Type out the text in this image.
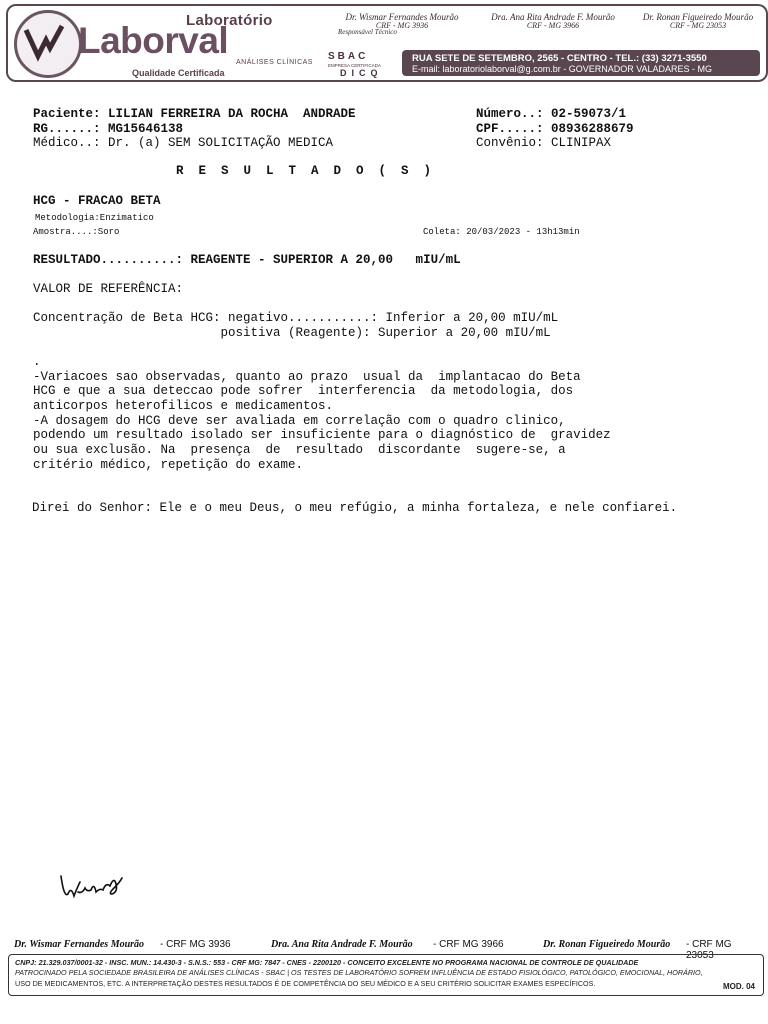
Laboratório
Laborval
ANÁLISES CLÍNICAS
Qualidade Certificada
Dr. Wismar Fernandes Mourão
CRF - MG 3936
Dra. Ana Rita Andrade F. Mourão
CRF - MG 3966
Dr. Ronan Figueiredo Mourão
CRF - MG 23053
Responsável Técnico
SBAC
EMPRESA CERTIFICADA
DICQ
RUA SETE DE SETEMBRO, 2565 - CENTRO - TEL.: (33) 3271-3550
E-mail: laboratoriolaborval@g.com.br - GOVERNADOR VALADARES - MG
Paciente: LILIAN FERREIRA DA ROCHA  ANDRADE
RG......: MG15646138
Médico..: Dr. (a) SEM SOLICITAÇÃO MEDICA
Número..: 02-59073/1
CPF.....: 08936288679
Convênio: CLINIPAX
R  E  S  U  L  T  A  D  O  (  S  )
HCG - FRACAO BETA
Metodologia:Enzimatico
Amostra....:Soro	Coleta: 20/03/2023 - 13h13min
RESULTADO..........: REAGENTE - SUPERIOR A 20,00   mIU/mL
VALOR DE REFERÊNCIA:
Concentração de Beta HCG: negativo...........: Inferior a 20,00 mIU/mL
positiva (Reagente): Superior a 20,00 mIU/mL
.
-Variacoes sao observadas, quanto ao prazo  usual da  implantacao do Beta
HCG e que a sua deteccao pode sofrer  interferencia  da metodologia, dos
anticorpos heterofilicos e medicamentos.
-A dosagem do HCG deve ser avaliada em correlação com o quadro clinico,
podendo um resultado isolado ser insuficiente para o diagnóstico de  gravidez
ou sua exclusão. Na  presença  de  resultado  discordante  sugere-se, a
critério médico, repetição do exame.
Direi do Senhor: Ele e o meu Deus, o meu refúgio, a minha fortaleza, e nele confiarei.
Dr. Wismar Fernandes Mourão - CRF MG 3936	Dra. Ana Rita Andrade F. Mourão - CRF MG 3966	Dr. Ronan Figueiredo Mourão - CRF MG 23053
CNPJ: 21.329.037/0001-32 - INSC. MUN.: 14.430-3 - S.N.S.: 553 - CRF MG: 7847 - CNES - 2200120 - CONCEITO EXCELENTE NO PROGRAMA NACIONAL DE CONTROLE DE QUALIDADE
PATROCINADO PELA SOCIEDADE BRASILEIRA DE ANÁLISES CLÍNICAS - SBAC | OS TESTES DE LABORATÓRIO SOFREM INFLUÊNCIA DE ESTADO FISIOLÓGICO, PATOLÓGICO, EMOCIONAL, HORÁRIO,
USO DE MEDICAMENTOS, ETC. A INTERPRETAÇÃO DESTES RESULTADOS É DE COMPETÊNCIA DO SEU MÉDICO E A SEU CRITÉRIO SOLICITAR EXAMES ESPECÍFICOS.	MOD. 04
